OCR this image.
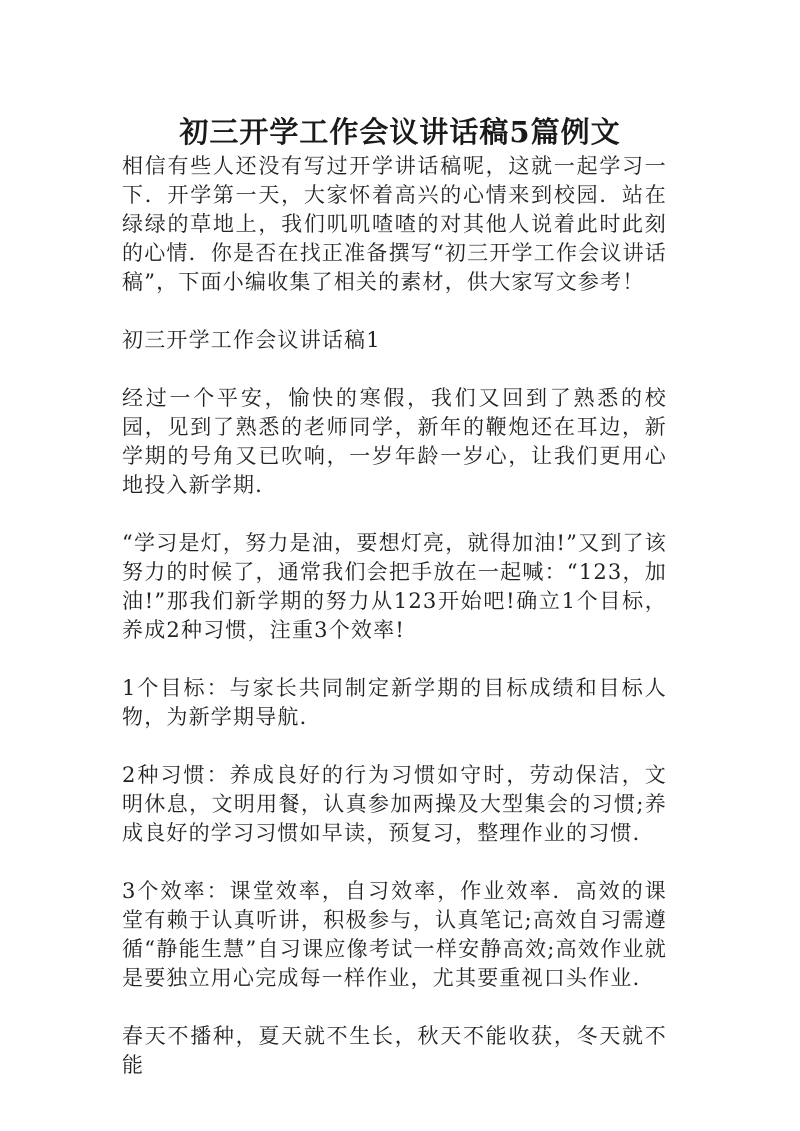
初三开学工作会议讲话稿5篇例文

相信有些人还没有写过开学讲话稿呢，这就一起学习一下．开学第一天，大家怀着高兴的心情来到校园．站在绿绿的草地上，我们叽叽喳喳的对其他人说着此时此刻的心情．你是否在找正准备撰写“初三开学工作会议讲话稿”，下面小编收集了相关的素材，供大家写文参考！

初三开学工作会议讲话稿1

经过一个平安，愉快的寒假，我们又回到了熟悉的校园，见到了熟悉的老师同学，新年的鞭炮还在耳边，新学期的号角又已吹响，一岁年龄一岁心，让我们更用心地投入新学期．

“学习是灯，努力是油，要想灯亮，就得加油!”又到了该努力的时候了，通常我们会把手放在一起喊：“123，加油!”那我们新学期的努力从123开始吧!确立1个目标，养成2种习惯，注重3个效率!

1个目标：与家长共同制定新学期的目标成绩和目标人物，为新学期导航．

2种习惯：养成良好的行为习惯如守时，劳动保洁，文明休息，文明用餐，认真参加两操及大型集会的习惯;养成良好的学习习惯如早读，预复习，整理作业的习惯．

3个效率：课堂效率，自习效率，作业效率．高效的课堂有赖于认真听讲，积极参与，认真笔记;高效自习需遵循“静能生慧”自习课应像考试一样安静高效;高效作业就是要独立用心完成每一样作业，尤其要重视口头作业．

春天不播种，夏天就不生长，秋天不能收获，冬天就不能
